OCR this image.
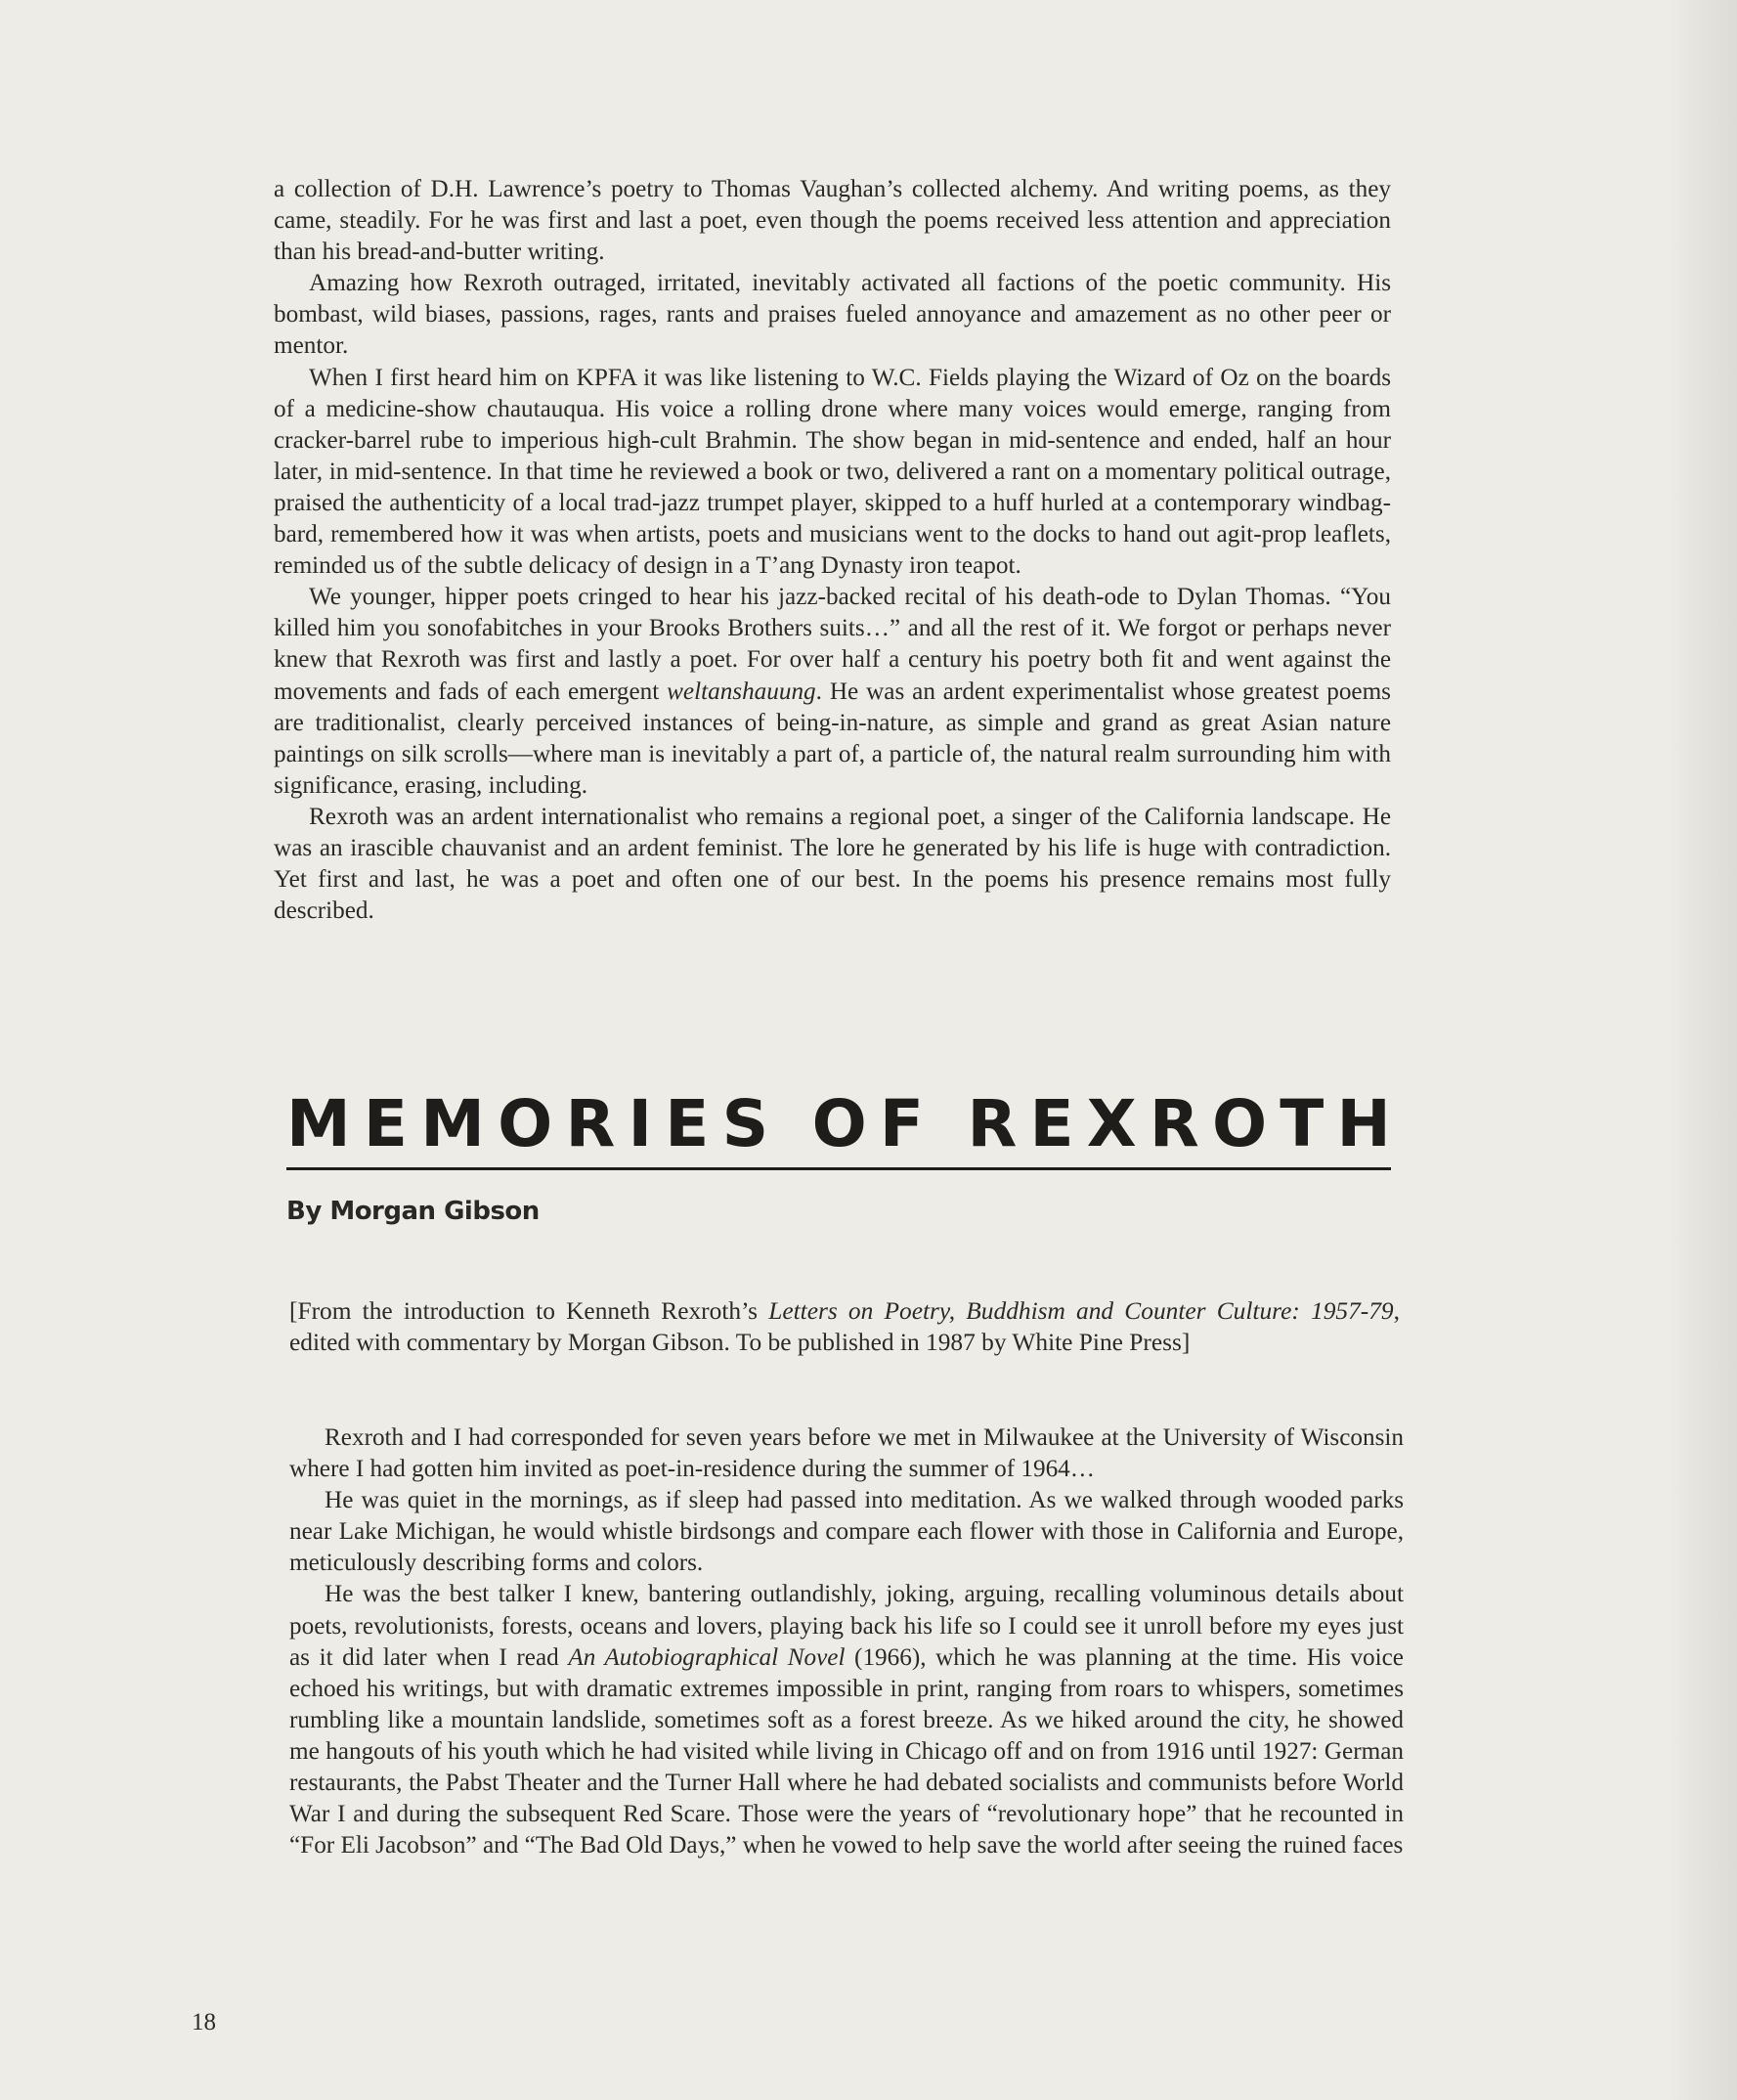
a collection of D.H. Lawrence’s poetry to Thomas Vaughan’s collected alchemy. And writing poems, as they came, steadily. For he was first and last a poet, even though the poems received less attention and appreciation than his bread-and-butter writing.

Amazing how Rexroth outraged, irritated, inevitably activated all factions of the poetic community. His bombast, wild biases, passions, rages, rants and praises fueled annoyance and amazement as no other peer or mentor.

When I first heard him on KPFA it was like listening to W.C. Fields playing the Wizard of Oz on the boards of a medicine-show chautauqua. His voice a rolling drone where many voices would emerge, ranging from cracker-barrel rube to imperious high-cult Brahmin. The show began in mid-sentence and ended, half an hour later, in mid-sentence. In that time he reviewed a book or two, delivered a rant on a momentary political outrage, praised the authenticity of a local trad-jazz trumpet player, skipped to a huff hurled at a contemporary windbag-bard, remembered how it was when artists, poets and musicians went to the docks to hand out agit-prop leaflets, reminded us of the subtle delicacy of design in a T’ang Dynasty iron teapot.

We younger, hipper poets cringed to hear his jazz-backed recital of his death-ode to Dylan Thomas. “You killed him you sonofabitches in your Brooks Brothers suits…” and all the rest of it. We forgot or perhaps never knew that Rexroth was first and lastly a poet. For over half a century his poetry both fit and went against the movements and fads of each emergent weltanshauung. He was an ardent experimentalist whose greatest poems are traditionalist, clearly perceived instances of being-in-nature, as simple and grand as great Asian nature paintings on silk scrolls—where man is inevitably a part of, a particle of, the natural realm surrounding him with significance, erasing, including.

Rexroth was an ardent internationalist who remains a regional poet, a singer of the California landscape. He was an irascible chauvanist and an ardent feminist. The lore he generated by his life is huge with contradiction. Yet first and last, he was a poet and often one of our best. In the poems his presence remains most fully described.

M E M O R I E S
O F
R E X R O T H
By Morgan Gibson

[From the introduction to Kenneth Rexroth’s Letters on Poetry, Buddhism and Counter Culture: 1957-79, edited with commentary by Morgan Gibson. To be published in 1987 by White Pine Press]

Rexroth and I had corresponded for seven years before we met in Milwaukee at the University of Wisconsin where I had gotten him invited as poet-in-residence during the summer of 1964…

He was quiet in the mornings, as if sleep had passed into meditation. As we walked through wooded parks near Lake Michigan, he would whistle birdsongs and compare each flower with those in California and Europe, meticulously describing forms and colors.

He was the best talker I knew, bantering outlandishly, joking, arguing, recalling voluminous details about poets, revolutionists, forests, oceans and lovers, playing back his life so I could see it unroll before my eyes just as it did later when I read An Autobiographical Novel (1966), which he was planning at the time. His voice echoed his writings, but with dramatic extremes impossible in print, ranging from roars to whispers, sometimes rumbling like a mountain landslide, sometimes soft as a forest breeze. As we hiked around the city, he showed me hangouts of his youth which he had visited while living in Chicago off and on from 1916 until 1927: German restaurants, the Pabst Theater and the Turner Hall where he had debated socialists and communists before World War I and during the subsequent Red Scare. Those were the years of “revolutionary hope” that he recounted in “For Eli Jacobson” and “The Bad Old Days,” when he vowed to help save the world after seeing the ruined faces

18
